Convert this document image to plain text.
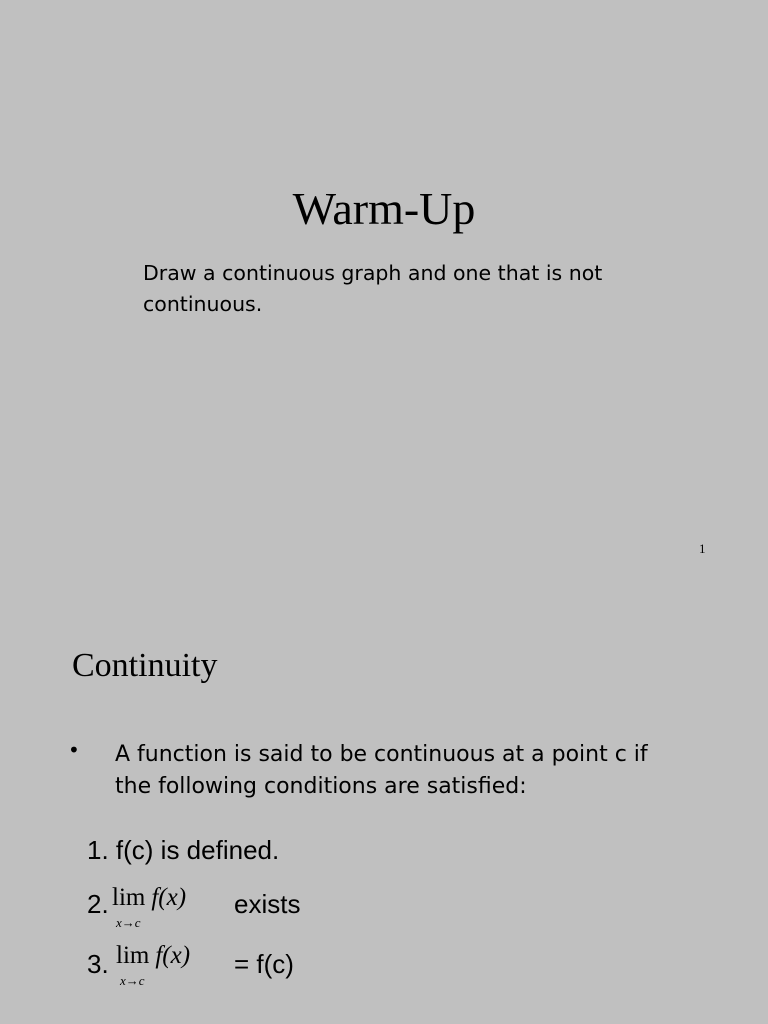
Warm-Up
Draw a continuous graph and one that is not
continuous.
1
Continuity
• A function is said to be continuous at a point c if
the following conditions are satisfied:
1. f(c) is defined.
2. lim f(x)
x→c
exists
3. lim f(x)
x→c
= f(c)
